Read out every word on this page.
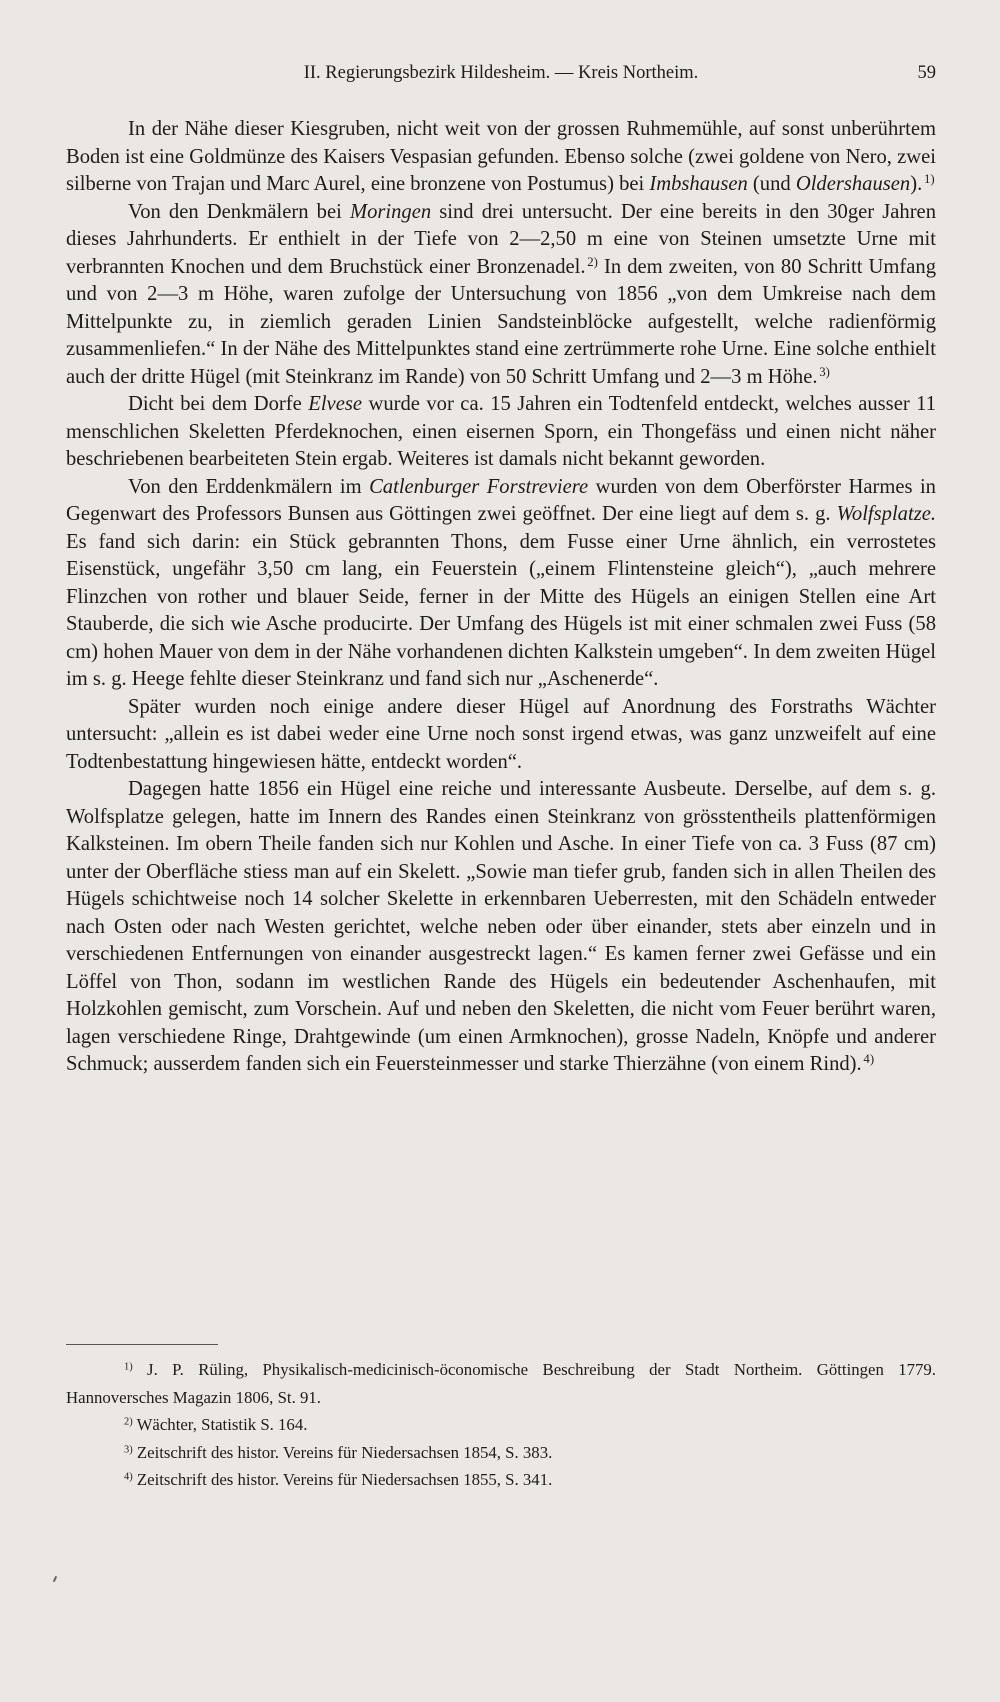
II. Regierungsbezirk Hildesheim. — Kreis Northeim.	59

In der Nähe dieser Kiesgruben, nicht weit von der grossen Ruhmemühle, auf sonst unberührtem Boden ist eine Goldmünze des Kaisers Vespasian gefunden. Ebenso solche (zwei goldene von Nero, zwei silberne von Trajan und Marc Aurel, eine bronzene von Postumus) bei Imbshausen (und Oldershausen).  $^{1)}$

Von den Denkmälern bei Moringen sind drei untersucht. Der eine bereits in den 30ger Jahren dieses Jahrhunderts. Er enthielt in der Tiefe von 2—2,50 m eine von Steinen umsetzte Urne mit verbrannten Knochen und dem Bruchstück einer Bronzenadel.  $^{2)}$ In dem zweiten, von 80 Schritt Umfang und von 2—3 m Höhe, waren zufolge der Untersuchung von 1856 „von dem Umkreise nach dem Mittelpunkte zu, in ziemlich geraden Linien Sandsteinblöcke aufgestellt, welche radienförmig zusammenliefen.“ In der Nähe des Mittelpunktes stand eine zertrümmerte rohe Urne. Eine solche enthielt auch der dritte Hügel (mit Steinkranz im Rande) von 50 Schritt Umfang und 2—3 m Höhe.  $^{3)}$

Dicht bei dem Dorfe Elvese wurde vor ca. 15 Jahren ein Todtenfeld entdeckt, welches ausser 11 menschlichen Skeletten Pferdeknochen, einen eisernen Sporn, ein Thongefäss und einen nicht näher beschriebenen bearbeiteten Stein ergab. Weiteres ist damals nicht bekannt geworden.

Von den Erddenkmälern im Catlenburger Forstreviere wurden von dem Oberförster Harmes in Gegenwart des Professors Bunsen aus Göttingen zwei geöffnet. Der eine liegt auf dem s. g. Wolfsplatze. Es fand sich darin: ein Stück gebrannten Thons, dem Fusse einer Urne ähnlich, ein verrostetes Eisenstück, ungefähr 3,50 cm lang, ein Feuerstein („einem Flintensteine gleich“), „auch mehrere Flinzchen von rother und blauer Seide, ferner in der Mitte des Hügels an einigen Stellen eine Art Stauberde, die sich wie Asche producirte. Der Umfang des Hügels ist mit einer schmalen zwei Fuss (58 cm) hohen Mauer von dem in der Nähe vorhandenen dichten Kalkstein umgeben“. In dem zweiten Hügel im s. g. Heege fehlte dieser Steinkranz und fand sich nur „Aschenerde“.

Später wurden noch einige andere dieser Hügel auf Anordnung des Forstraths Wächter untersucht: „allein es ist dabei weder eine Urne noch sonst irgend etwas, was ganz unzweifelt auf eine Todtenbestattung hingewiesen hätte, entdeckt worden“.

Dagegen hatte 1856 ein Hügel eine reiche und interessante Ausbeute. Derselbe, auf dem s. g. Wolfsplatze gelegen, hatte im Innern des Randes einen Steinkranz von grösstentheils plattenförmigen Kalksteinen. Im obern Theile fanden sich nur Kohlen und Asche. In einer Tiefe von ca. 3 Fuss (87 cm) unter der Oberfläche stiess man auf ein Skelett. „Sowie man tiefer grub, fanden sich in allen Theilen des Hügels schichtweise noch 14 solcher Skelette in erkennbaren Ueberresten, mit den Schädeln entweder nach Osten oder nach Westen gerichtet, welche neben oder über einander, stets aber einzeln und in verschiedenen Entfernungen von einander ausgestreckt lagen.“ Es kamen ferner zwei Gefässe und ein Löffel von Thon, sodann im westlichen Rande des Hügels ein bedeutender Aschenhaufen, mit Holzkohlen gemischt, zum Vorschein. Auf und neben den Skeletten, die nicht vom Feuer berührt waren, lagen verschiedene Ringe, Drahtgewinde (um einen Armknochen), grosse Nadeln, Knöpfe und anderer Schmuck; ausserdem fanden sich ein Feuersteinmesser und starke Thierzähne (von einem Rind).  $^{4)}$

$^{1)}$ J. P. Rüling, Physikalisch-medicinisch-öconomische Beschreibung der Stadt Northeim. Göttingen 1779. Hannoversches Magazin 1806, St. 91.

$^{2)}$ Wächter, Statistik S. 164.

$^{3)}$ Zeitschrift des histor. Vereins für Niedersachsen 1854, S. 383.

$^{4)}$ Zeitschrift des histor. Vereins für Niedersachsen 1855, S. 341.
